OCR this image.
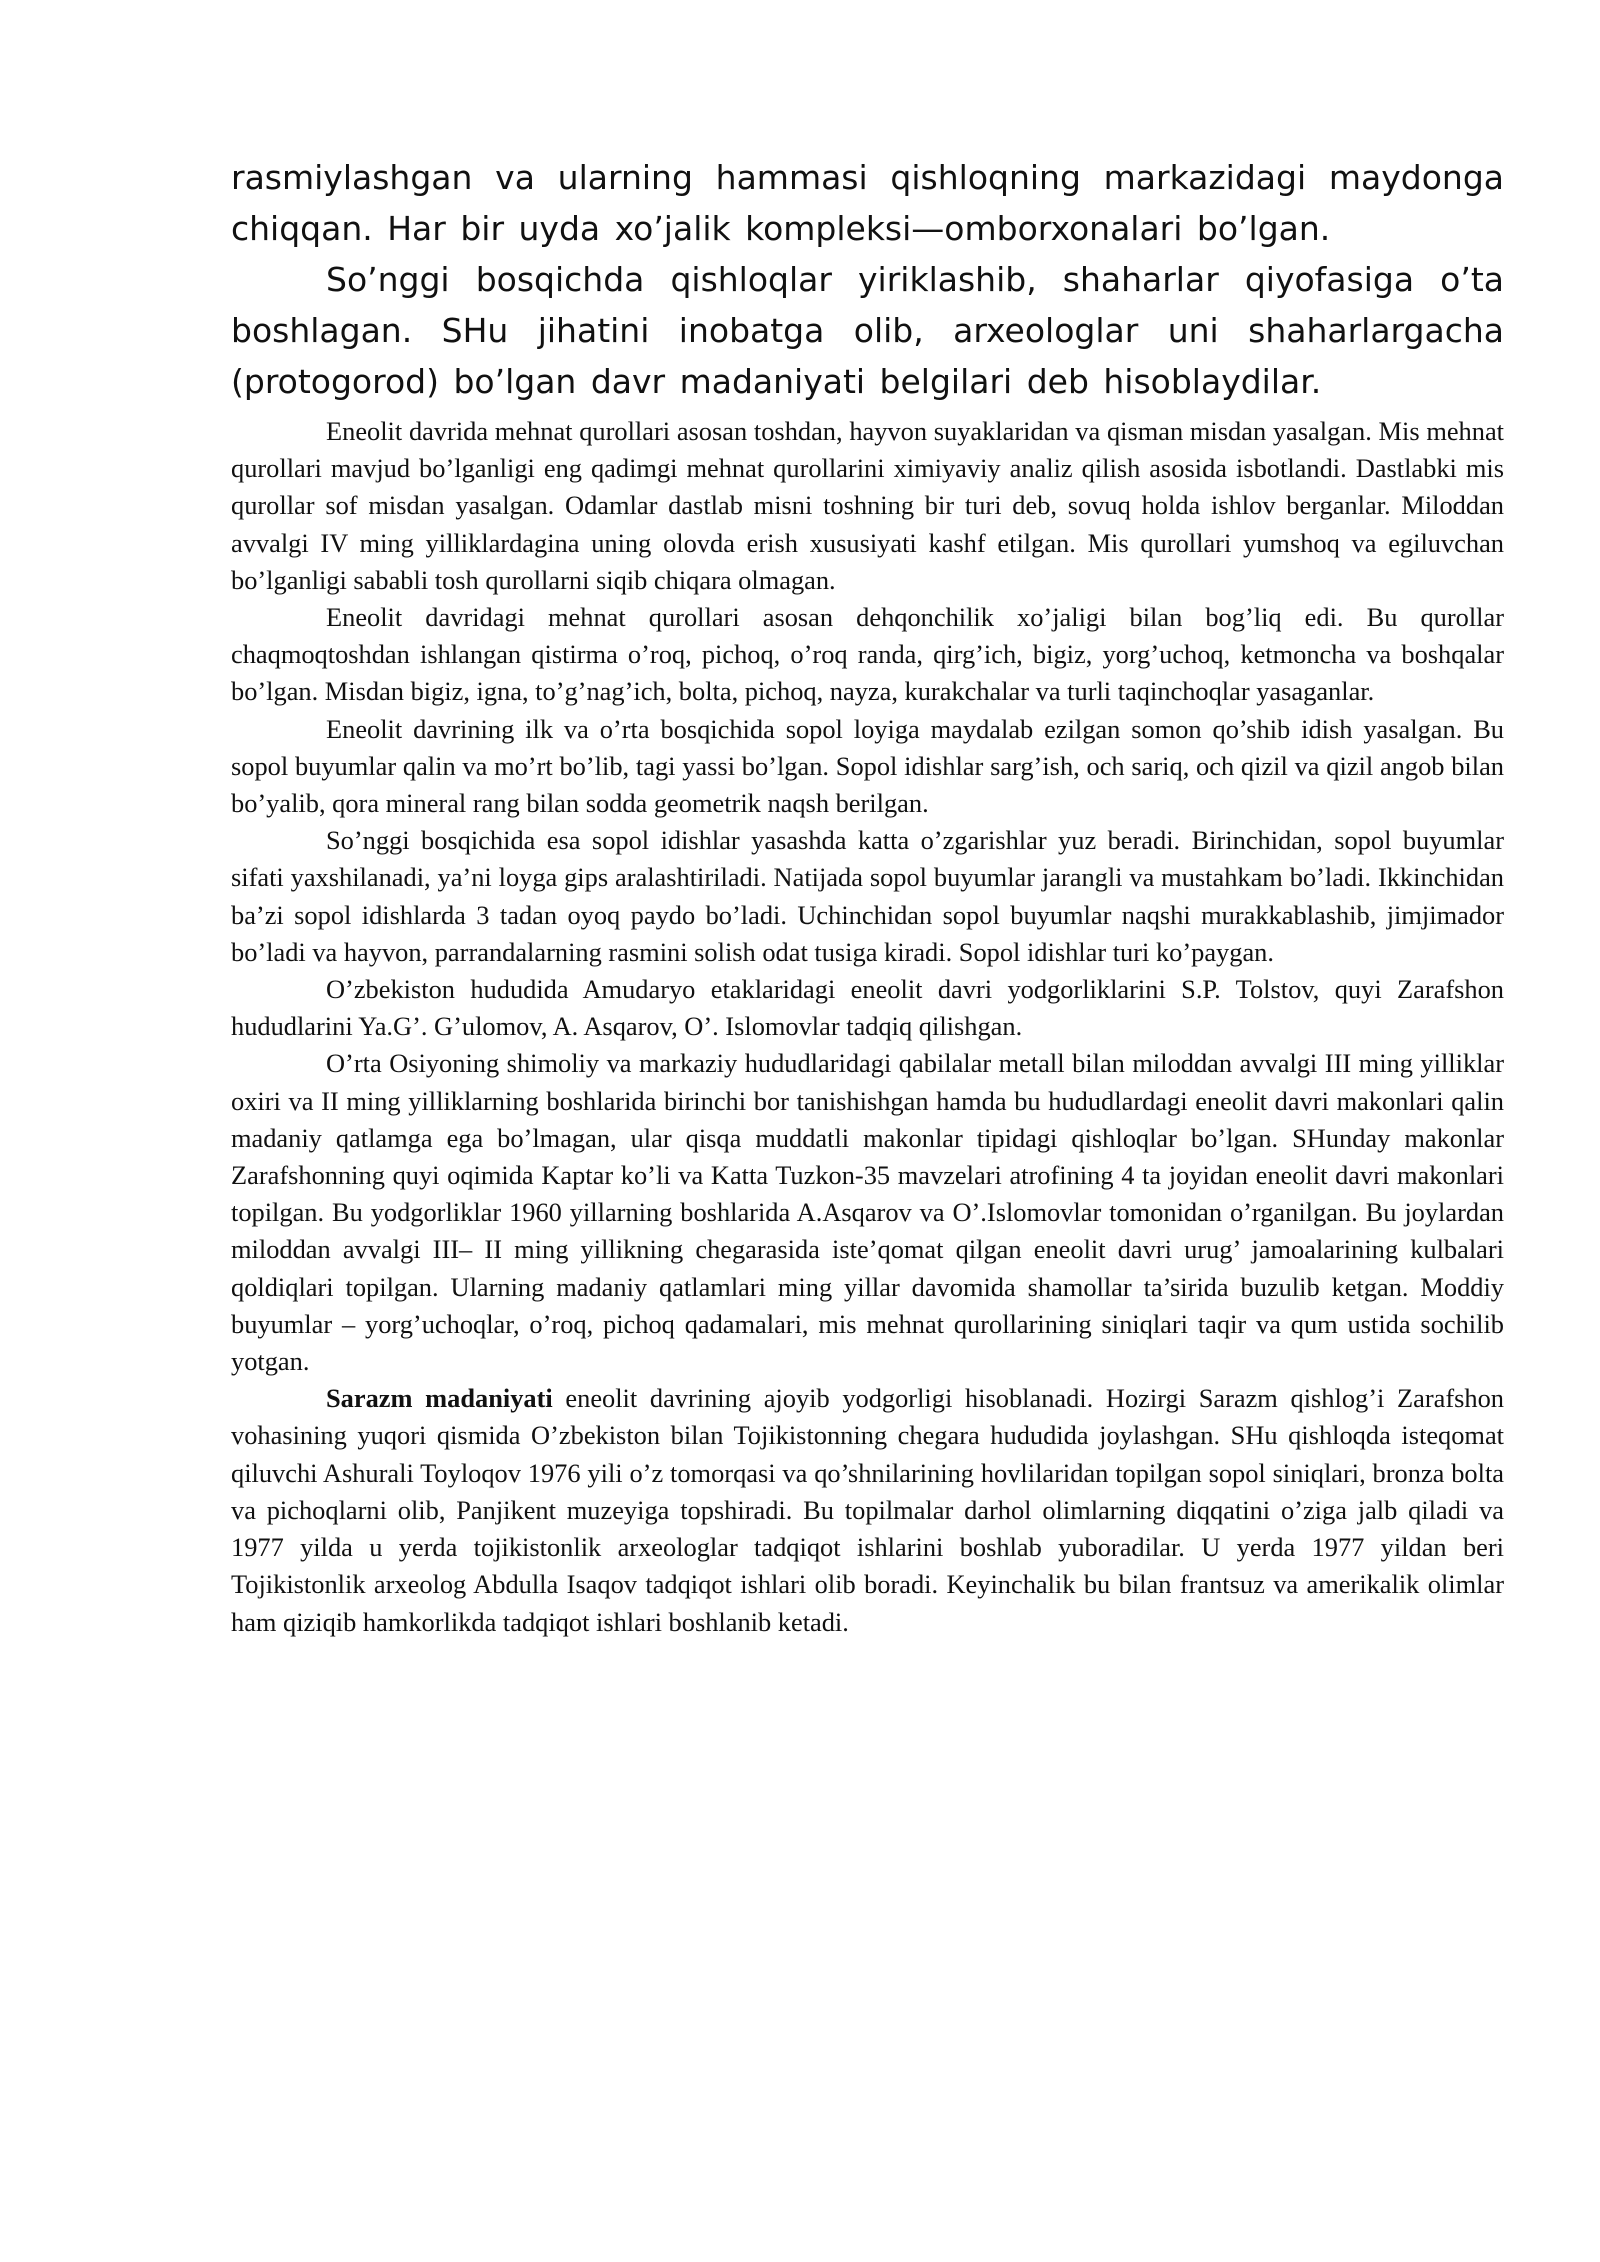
rasmiylashgan va ularning hammasi qishloqning markazidagi maydonga chiqqan. Har bir uyda xo’jalik kompleksi—omborxonalari bo’lgan.

So’nggi bosqichda qishloqlar yiriklashib, shaharlar qiyofasiga o’ta boshlagan. SHu jihatini inobatga olib, arxeologlar uni shaharlargacha (protogorod) bo’lgan davr madaniyati belgilari deb hisoblaydilar.

Eneolit davrida mehnat qurollari asosan toshdan, hayvon suyaklaridan va qisman misdan yasalgan. Mis mehnat qurollari mavjud bo’lganligi eng qadimgi mehnat qurollarini ximiyaviy analiz qilish asosida isbotlandi. Dastlabki mis qurollar sof misdan yasalgan. Odamlar dastlab misni toshning bir turi deb, sovuq holda ishlov berganlar. Miloddan avvalgi IV ming yilliklardagina uning olovda erish xususiyati kashf etilgan. Mis qurollari yumshoq va egiluvchan bo’lganligi sababli tosh qurollarni siqib chiqara olmagan.

Eneolit davridagi mehnat qurollari asosan dehqonchilik xo’jaligi bilan bog’liq edi. Bu qurollar chaqmoqtoshdan ishlangan qistirma o’roq, pichoq, o’roq randa, qirg’ich, bigiz, yorg’uchoq, ketmoncha va boshqalar bo’lgan. Misdan bigiz, igna, to’g’nag’ich, bolta, pichoq, nayza, kurakchalar va turli taqinchoqlar yasaganlar.

Eneolit davrining ilk va o’rta bosqichida sopol loyiga maydalab ezilgan somon qo’shib idish yasalgan. Bu sopol buyumlar qalin va mo’rt bo’lib, tagi yassi bo’lgan. Sopol idishlar sarg’ish, och sariq, och qizil va qizil angob bilan bo’yalib, qora mineral rang bilan sodda geometrik naqsh berilgan.

So’nggi bosqichida esa sopol idishlar yasashda katta o’zgarishlar yuz beradi. Birinchidan, sopol buyumlar sifati yaxshilanadi, ya’ni loyga gips aralashtiriladi. Natijada sopol buyumlar jarangli va mustahkam bo’ladi. Ikkinchidan ba’zi sopol idishlarda 3 tadan oyoq paydo bo’ladi. Uchinchidan sopol buyumlar naqshi murakkablashib, jimjimador bo’ladi va hayvon, parrandalarning rasmini solish odat tusiga kiradi. Sopol idishlar turi ko’paygan.

O’zbekiston hududida Amudaryo etaklaridagi eneolit davri yodgorliklarini S.P. Tolstov, quyi Zarafshon hududlarini Ya.G’. G’ulomov, A. Asqarov, O’. Islomovlar tadqiq qilishgan.

O’rta Osiyoning shimoliy va markaziy hududlaridagi qabilalar metall bilan miloddan avvalgi III ming yilliklar oxiri va II ming yilliklarning boshlarida birinchi bor tanishishgan hamda bu hududlardagi eneolit davri makonlari qalin madaniy qatlamga ega bo’lmagan, ular qisqa muddatli makonlar tipidagi qishloqlar bo’lgan. SHunday makonlar Zarafshonning quyi oqimida Kaptar ko’li va Katta Tuzkon-35 mavzelari atrofining 4 ta joyidan eneolit davri makonlari topilgan. Bu yodgorliklar 1960 yillarning boshlarida A.Asqarov va O’.Islomovlar tomonidan o’rganilgan. Bu joylardan miloddan avvalgi III– II ming yillikning chegarasida iste’qomat qilgan eneolit davri urug’ jamoalarining kulbalari qoldiqlari topilgan. Ularning madaniy qatlamlari ming yillar davomida shamollar ta’sirida buzulib ketgan. Moddiy buyumlar – yorg’uchoqlar, o’roq, pichoq qadamalari, mis mehnat qurollarining siniqlari taqir va qum ustida sochilib yotgan.

Sarazm madaniyati eneolit davrining ajoyib yodgorligi hisoblanadi. Hozirgi Sarazm qishlog’i Zarafshon vohasining yuqori qismida O’zbekiston bilan Tojikistonning chegara hududida joylashgan. SHu qishloqda isteqomat qiluvchi Ashurali Toyloqov 1976 yili o’z tomorqasi va qo’shnilarining hovlilaridan topilgan sopol siniqlari, bronza bolta va pichoqlarni olib, Panjikent muzeyiga topshiradi. Bu topilmalar darhol olimlarning diqqatini o’ziga jalb qiladi va 1977 yilda u yerda tojikistonlik arxeologlar tadqiqot ishlarini boshlab yuboradilar. U yerda 1977 yildan beri Tojikistonlik arxeolog Abdulla Isaqov tadqiqot ishlari olib boradi. Keyinchalik bu bilan frantsuz va amerikalik olimlar ham qiziqib hamkorlikda tadqiqot ishlari boshlanib ketadi.
